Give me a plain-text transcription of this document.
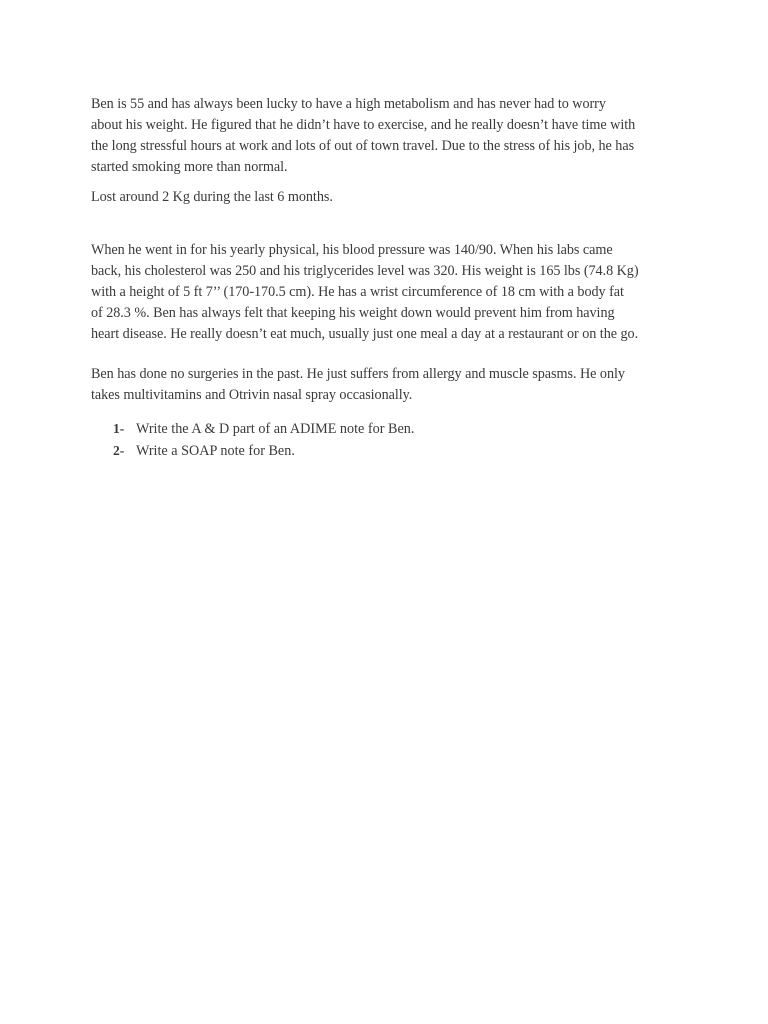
Ben is 55 and has always been lucky to have a high metabolism and has never had to worry
about his weight. He figured that he didn’t have to exercise, and he really doesn’t have time with
the long stressful hours at work and lots of out of town travel. Due to the stress of his job, he has
started smoking more than normal.
Lost around 2 Kg during the last 6 months.
When he went in for his yearly physical, his blood pressure was 140/90. When his labs came
back, his cholesterol was 250 and his triglycerides level was 320. His weight is 165 lbs (74.8 Kg)
with a height of 5 ft 7’’ (170-170.5 cm). He has a wrist circumference of 18 cm with a body fat
of 28.3 %. Ben has always felt that keeping his weight down would prevent him from having
heart disease. He really doesn’t eat much, usually just one meal a day at a restaurant or on the go.
Ben has done no surgeries in the past. He just suffers from allergy and muscle spasms. He only
takes multivitamins and Otrivin nasal spray occasionally.
1- Write the A & D part of an ADIME note for Ben.
2- Write a SOAP note for Ben.
